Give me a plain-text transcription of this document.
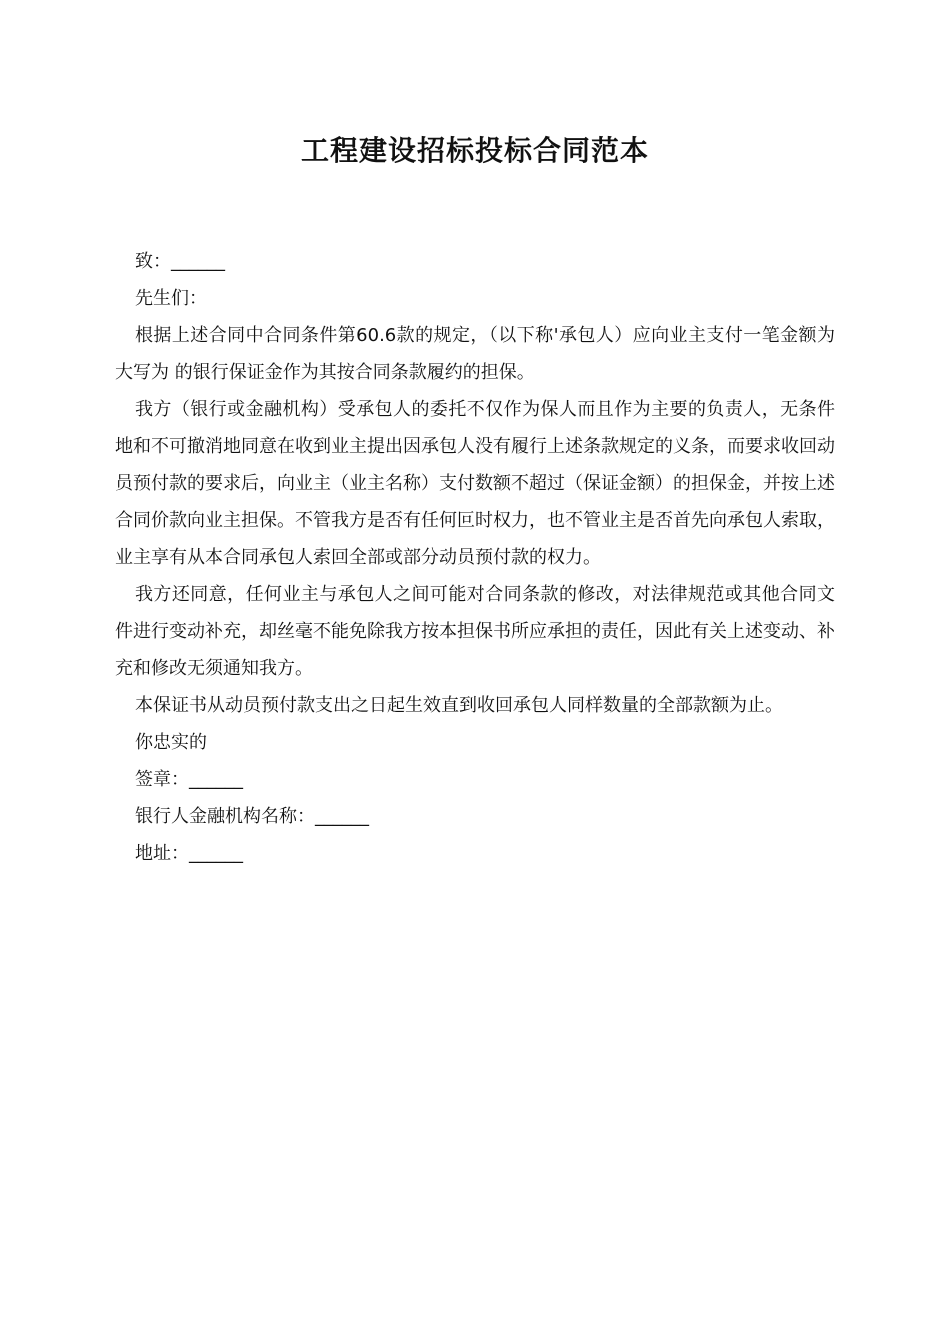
工程建设招标投标合同范本

致：______

先生们：

根据上述合同中合同条件第60.6款的规定，（以下称'承包人）应向业主支付一笔金额为 大写为 的银行保证金作为其按合同条款履约的担保。

我方（银行或金融机构）受承包人的委托不仅作为保人而且作为主要的负责人，无条件地和不可撤消地同意在收到业主提出因承包人没有履行上述条款规定的义条，而要求收回动员预付款的要求后，向业主（业主名称）支付数额不超过（保证金额）的担保金，并按上述合同价款向业主担保。不管我方是否有任何叵时权力，也不管业主是否首先向承包人索取，业主享有从本合同承包人索回全部或部分动员预付款的权力。

我方还同意，任何业主与承包人之间可能对合同条款的修改，对法律规范或其他合同文件进行变动补充，却丝毫不能免除我方按本担保书所应承担的责任，因此有关上述变动、补充和修改无须通知我方。

本保证书从动员预付款支出之日起生效直到收回承包人同样数量的全部款额为止。

你忠实的

签章：______

银行人金融机构名称：______

地址：______
